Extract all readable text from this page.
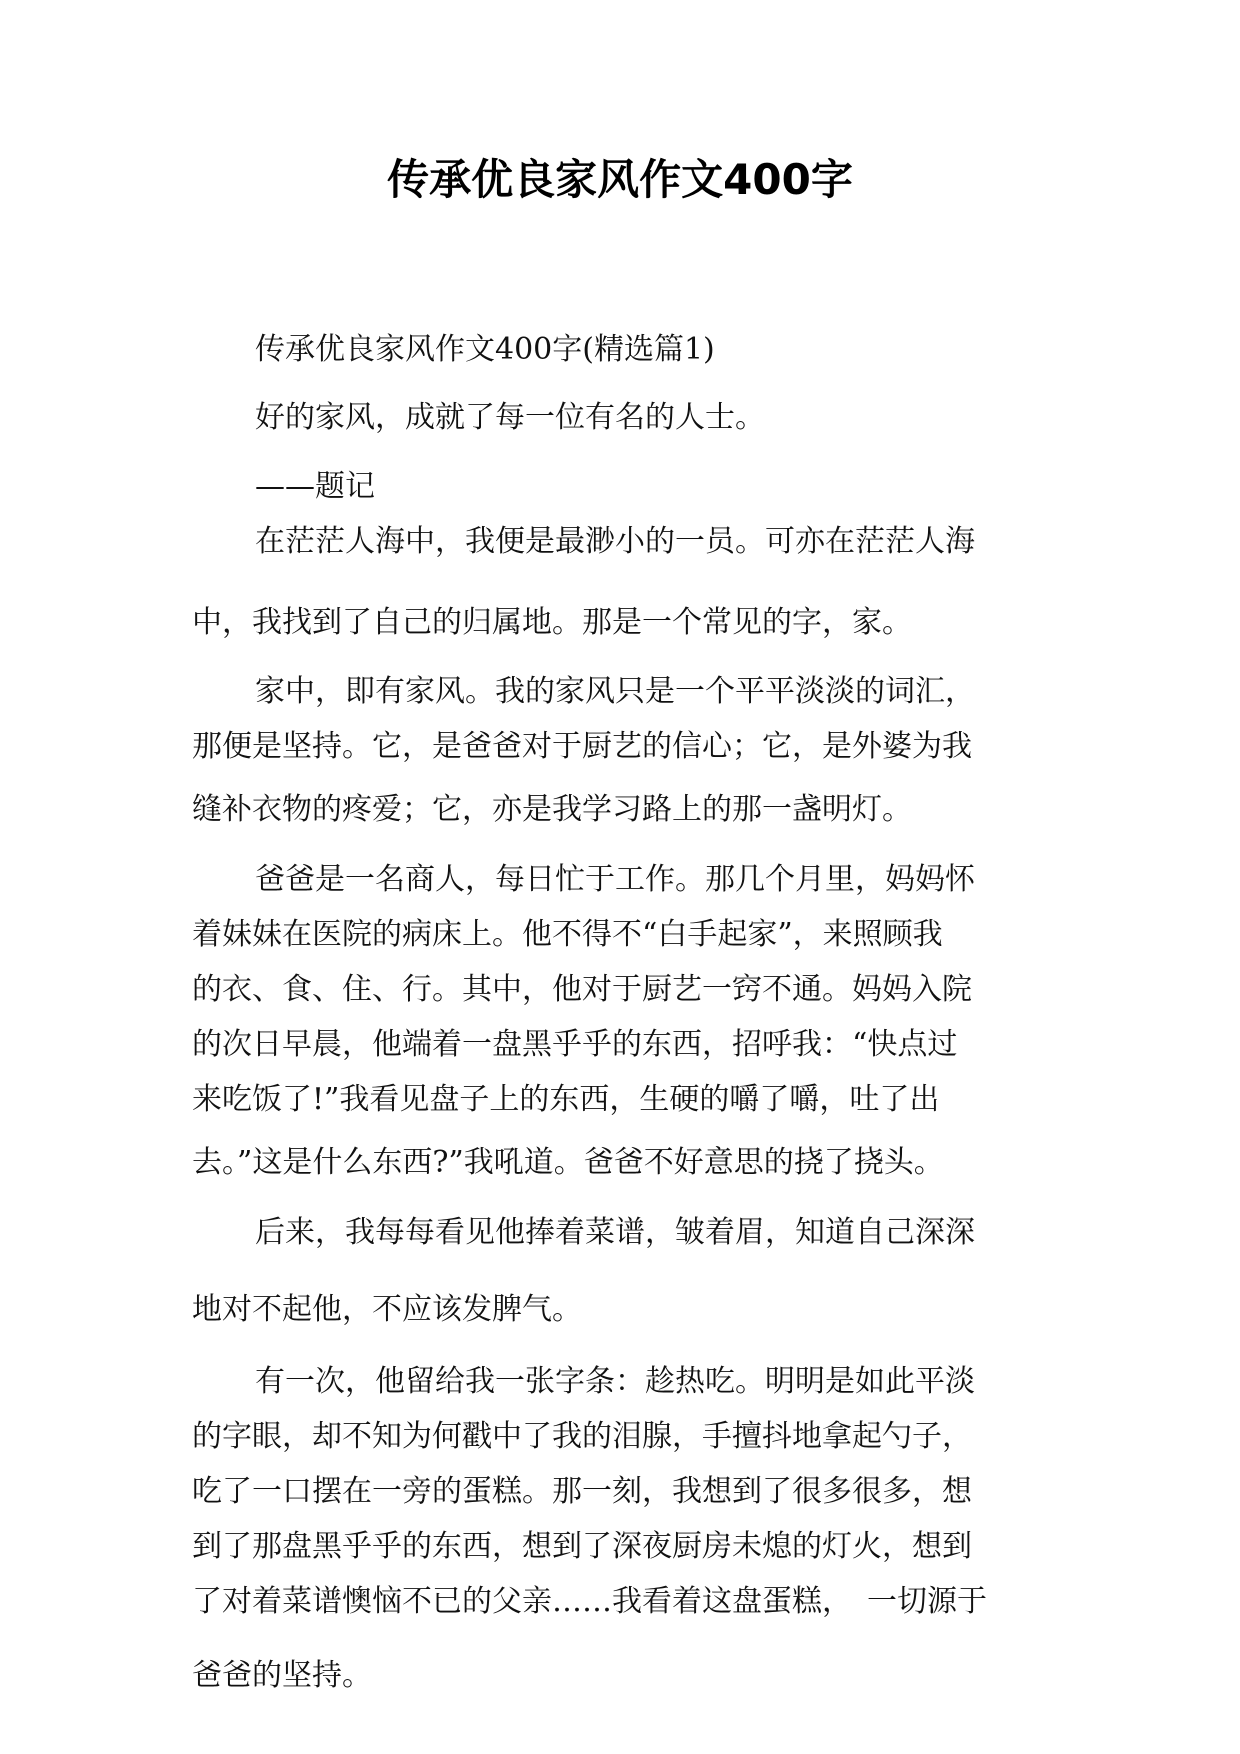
传承优良家风作文400字

传承优良家风作文400字(精选篇1)

好的家风，成就了每一位有名的人士。

——题记

在茫茫人海中，我便是最渺小的一员。可亦在茫茫人海

中，我找到了自己的归属地。那是一个常见的字，家。

家中，即有家风。我的家风只是一个平平淡淡的词汇，

那便是坚持。它，是爸爸对于厨艺的信心；它，是外婆为我

缝补衣物的疼爱；它，亦是我学习路上的那一盏明灯。

爸爸是一名商人，每日忙于工作。那几个月里，妈妈怀

着妹妹在医院的病床上。他不得不“白手起家”，来照顾我

的衣、食、住、行。其中，他对于厨艺一窍不通。妈妈入院

的次日早晨，他端着一盘黑乎乎的东西，招呼我：“快点过

来吃饭了!”我看见盘子上的东西，生硬的嚼了嚼，吐了出

去。”这是什么东西?”我吼道。爸爸不好意思的挠了挠头。

后来，我每每看见他捧着菜谱，皱着眉，知道自己深深

地对不起他，不应该发脾气。

有一次，他留给我一张字条：趁热吃。明明是如此平淡

的字眼，却不知为何戳中了我的泪腺，手擅抖地拿起勺子，

吃了一口摆在一旁的蛋糕。那一刻，我想到了很多很多，想

到了那盘黑乎乎的东西，想到了深夜厨房未熄的灯火，想到

了对着菜谱懊恼不已的父亲……我看着这盘蛋糕，　一切源于

爸爸的坚持。
